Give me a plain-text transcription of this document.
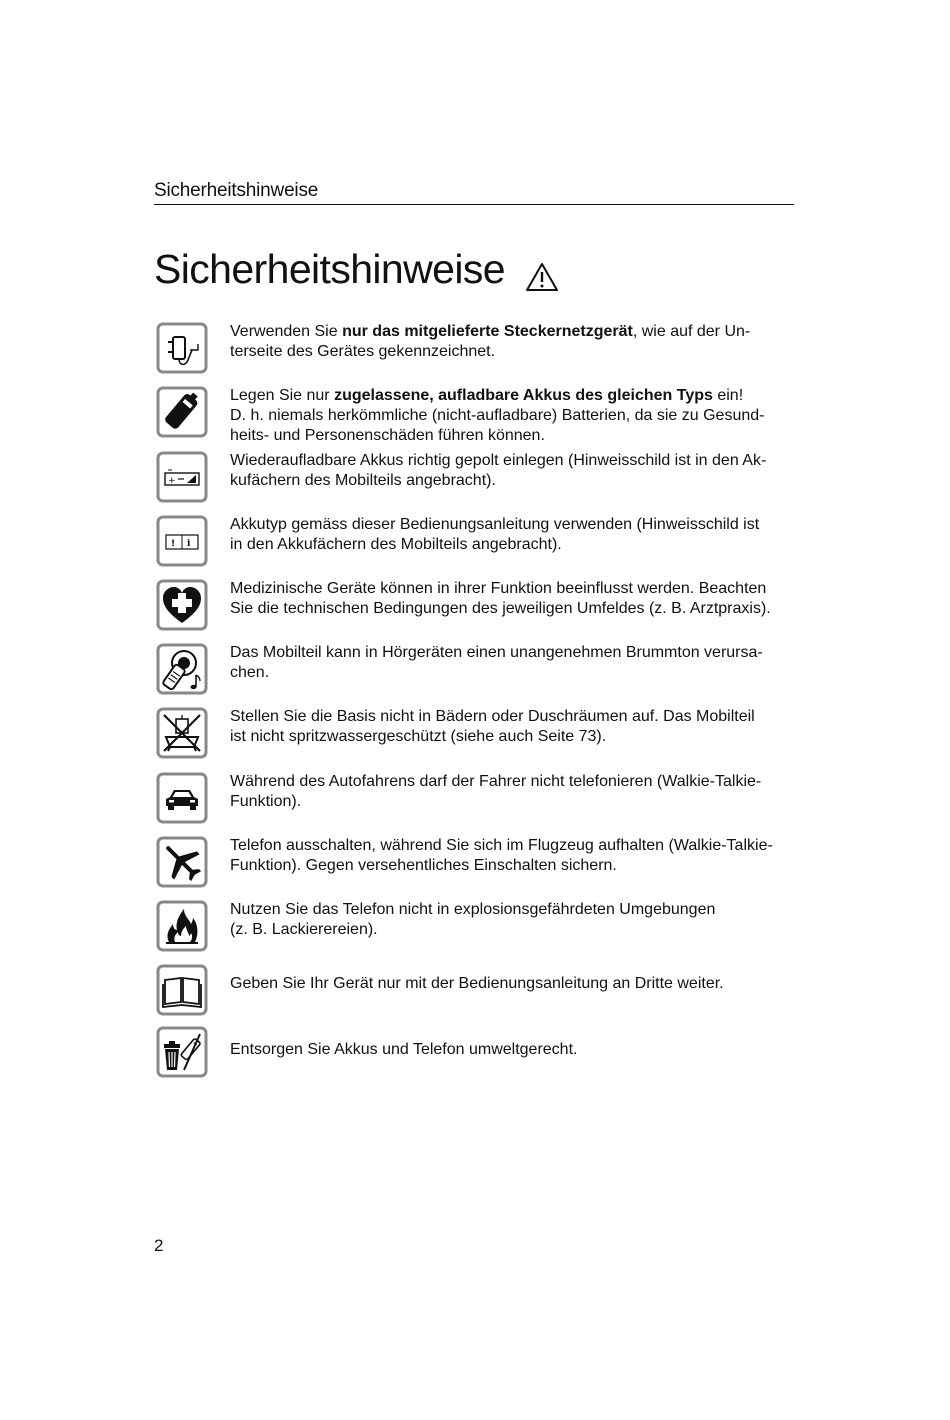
Sicherheitshinweise
Sicherheitshinweise
Verwenden Sie nur das mitgelieferte Steckernetzgerät, wie auf der Un-
terseite des Gerätes gekennzeichnet.
Legen Sie nur zugelassene, aufladbare Akkus des gleichen Typs ein!
D. h. niemals herkömmliche (nicht-aufladbare) Batterien, da sie zu Gesund-
heits- und Personenschäden führen können.
+
Wiederaufladbare Akkus richtig gepolt einlegen (Hinweisschild ist in den Ak-
kufächern des Mobilteils angebracht).
! i
Akkutyp gemäss dieser Bedienungsanleitung verwenden (Hinweisschild ist
in den Akkufächern des Mobilteils angebracht).
Medizinische Geräte können in ihrer Funktion beeinflusst werden. Beachten
Sie die technischen Bedingungen des jeweiligen Umfeldes (z. B. Arztpraxis).
Das Mobilteil kann in Hörgeräten einen unangenehmen Brummton verursa-
chen.
Stellen Sie die Basis nicht in Bädern oder Duschräumen auf. Das Mobilteil
ist nicht spritzwassergeschützt (siehe auch Seite 73).
Während des Autofahrens darf der Fahrer nicht telefonieren (Walkie-Talkie-
Funktion).
Telefon ausschalten, während Sie sich im Flugzeug aufhalten (Walkie-Talkie-
Funktion). Gegen versehentliches Einschalten sichern.
Nutzen Sie das Telefon nicht in explosionsgefährdeten Umgebungen
(z. B. Lackierereien).
Geben Sie Ihr Gerät nur mit der Bedienungsanleitung an Dritte weiter.
Entsorgen Sie Akkus und Telefon umweltgerecht.
2
